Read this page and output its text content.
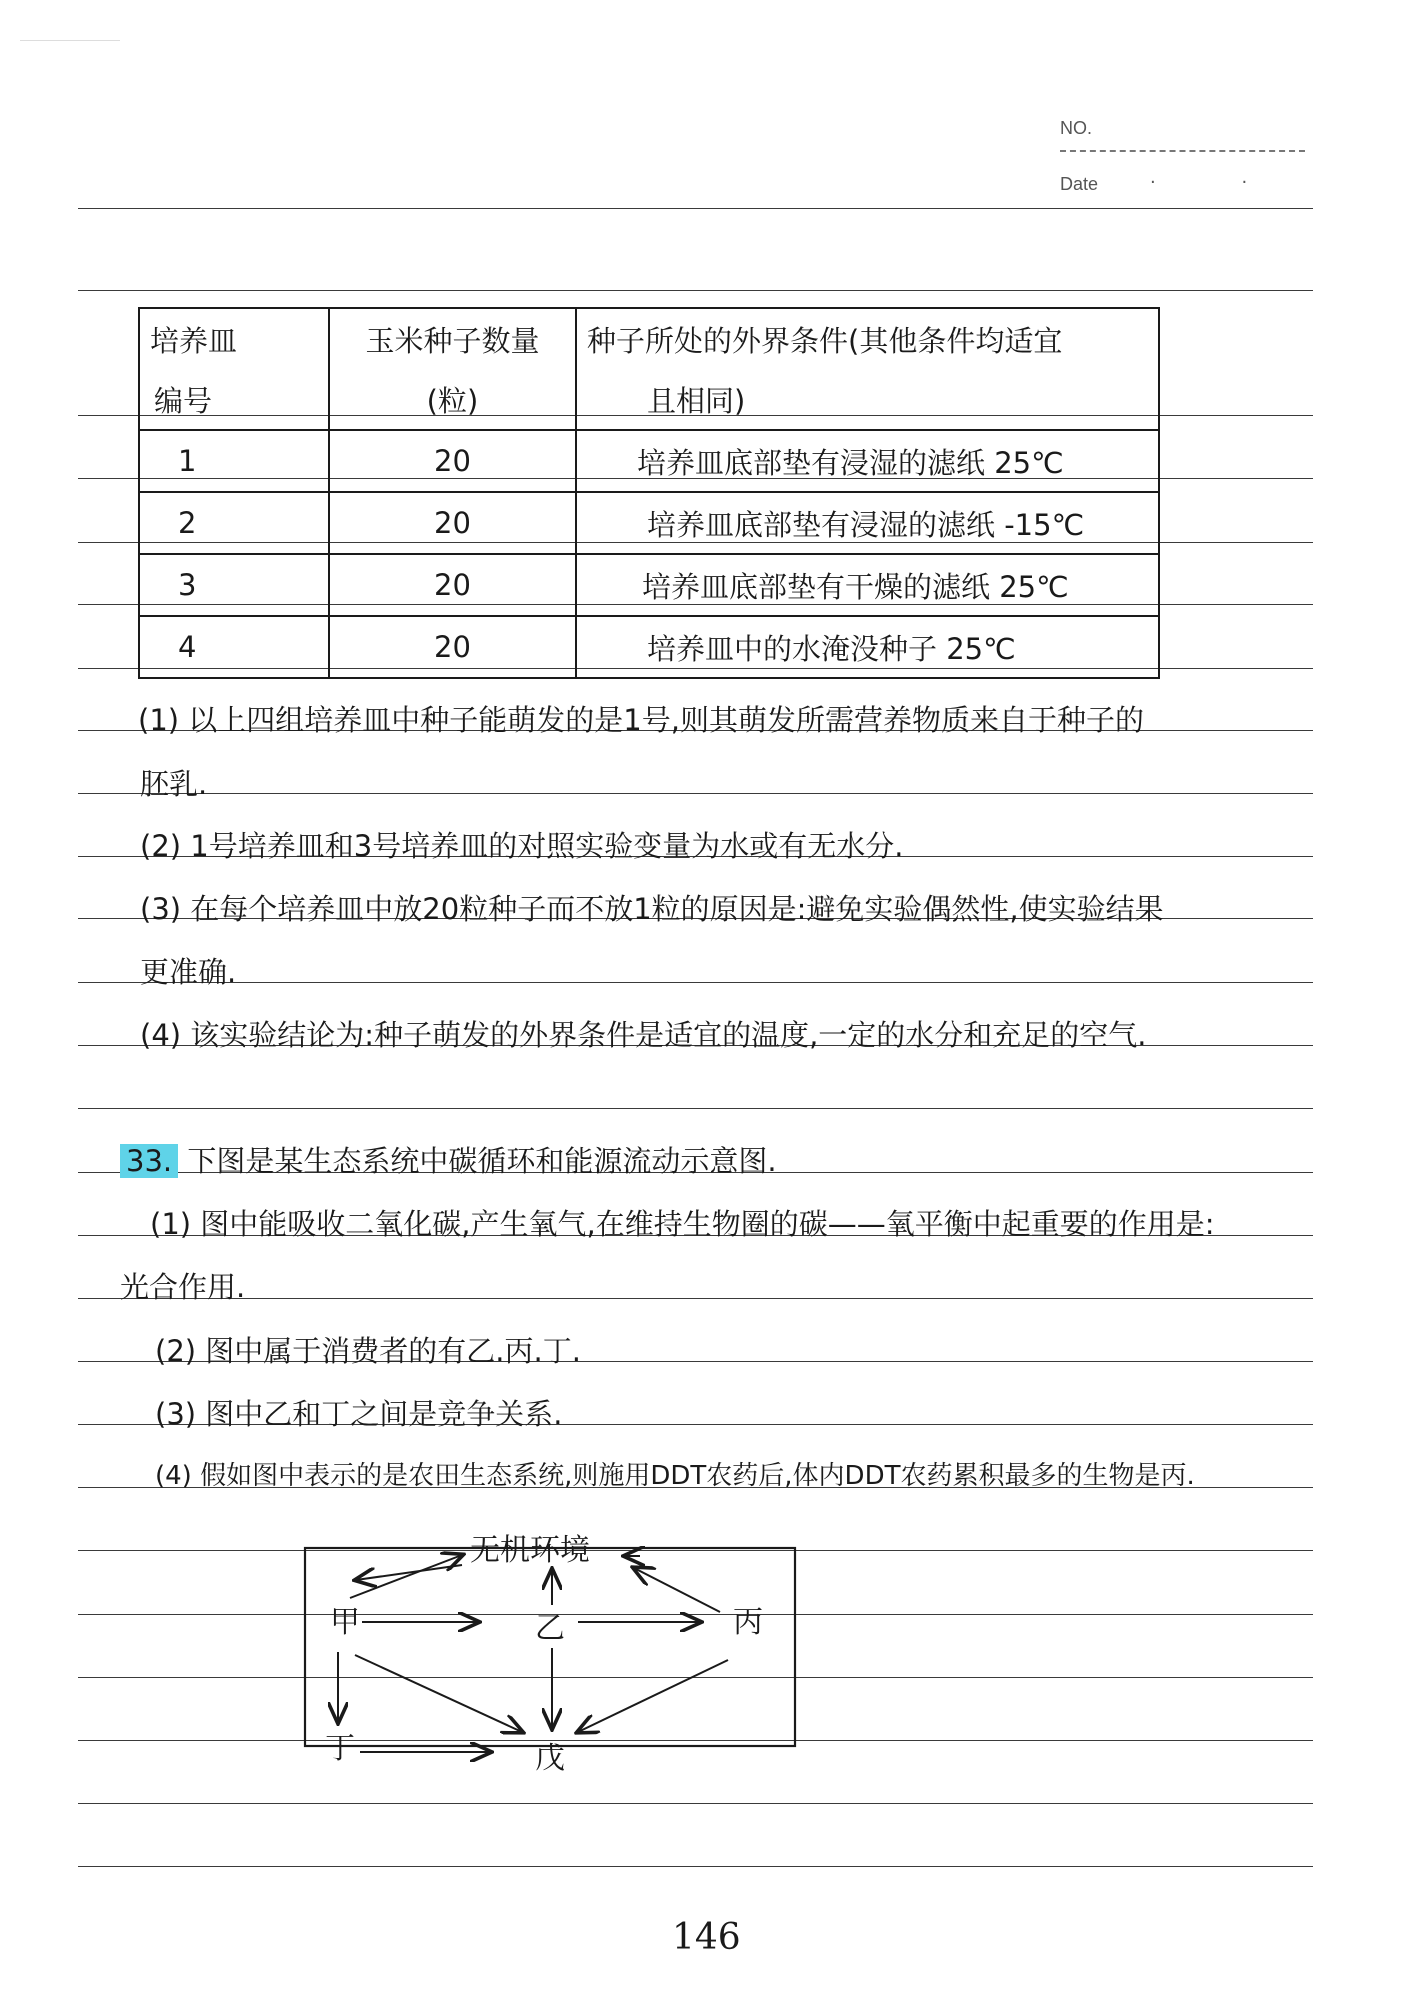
NO.
Date	· ·
培养皿	玉米种子数量	种子所处的外界条件(其他条件均适宜
编号	(粒)	且相同)
1	20	培养皿底部垫有浸湿的滤纸 25℃
2	20	培养皿底部垫有浸湿的滤纸 -15℃
3	20	培养皿底部垫有干燥的滤纸 25℃
4	20	培养皿中的水淹没种子 25℃
(1) 以上四组培养皿中种子能萌发的是1号,则其萌发所需营养物质来自于种子的
胚乳.
(2) 1号培养皿和3号培养皿的对照实验变量为水或有无水分.
(3) 在每个培养皿中放20粒种子而不放1粒的原因是:避免实验偶然性,使实验结果
更准确.
(4) 该实验结论为:种子萌发的外界条件是适宜的温度,一定的水分和充足的空气.
33. 下图是某生态系统中碳循环和能源流动示意图.
(1) 图中能吸收二氧化碳,产生氧气,在维持生物圈的碳——氧平衡中起重要的作用是:
光合作用.
(2) 图中属于消费者的有乙.丙.丁.
(3) 图中乙和丁之间是竞争关系.
(4) 假如图中表示的是农田生态系统,则施用DDT农药后,体内DDT农药累积最多的生物是丙.
无机环境
甲	乙	丙
丁	戊
146
